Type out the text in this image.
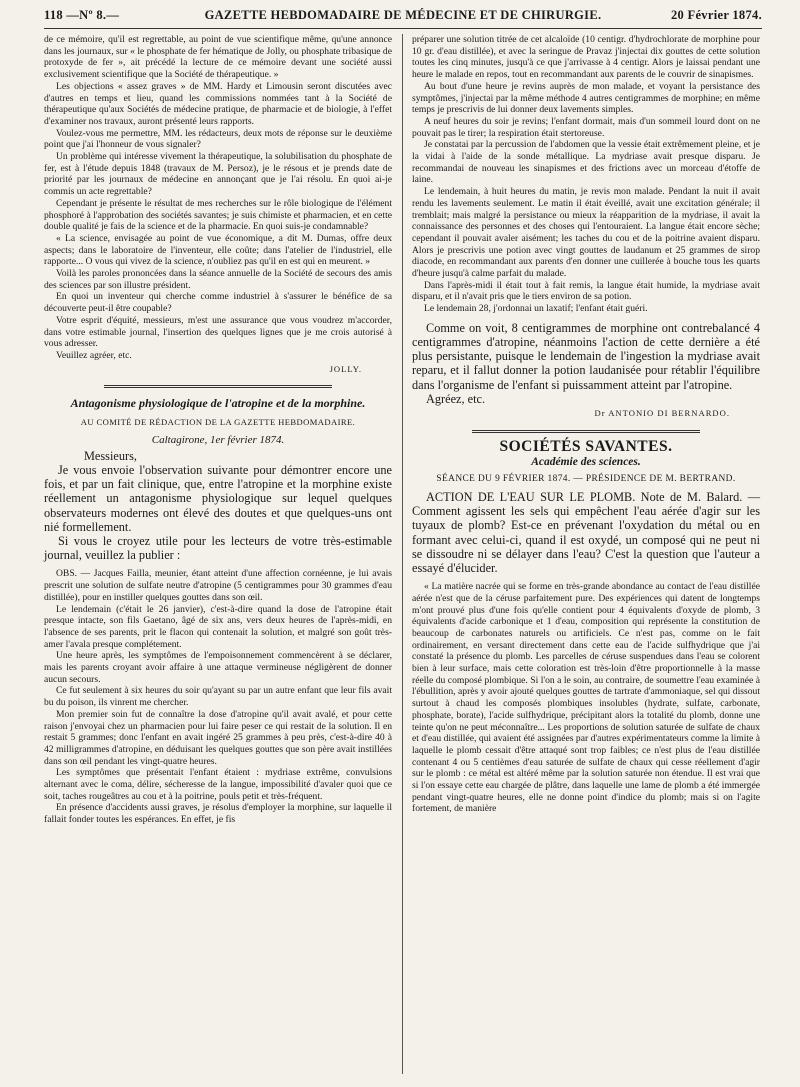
118 —Nº 8.—	GAZETTE HEBDOMADAIRE DE MÉDECINE ET DE CHIRURGIE.	20 Février 1874.

de ce mémoire, qu'il est regrettable, au point de vue scientifique même, qu'une annonce dans les journaux, sur « le phosphate de fer hématique de Jolly, ou phosphate tribasique de protoxyde de fer », ait précédé la lecture de ce mémoire devant une société aussi exclusivement scientifique que la Société de thérapeutique. »

Les objections « assez graves » de MM. Hardy et Limousin seront discutées avec d'autres en temps et lieu, quand les commissions nommées tant à la Société de thérapeutique qu'aux Sociétés de médecine pratique, de pharmacie et de biologie, à l'effet d'examiner nos travaux, auront présenté leurs rapports.

Voulez-vous me permettre, MM. les rédacteurs, deux mots de réponse sur le deuxième point que j'ai l'honneur de vous signaler?

Un problème qui intéresse vivement la thérapeutique, la solubilisation du phosphate de fer, est à l'étude depuis 1848 (travaux de M. Persoz), je le résous et je prends date de priorité par les journaux de médecine en annonçant que je l'ai résolu. En quoi ai-je commis un acte regrettable?

Cependant je présente le résultat de mes recherches sur le rôle biologique de l'élément phosphoré à l'approbation des sociétés savantes; je suis chimiste et pharmacien, et en cette double qualité je fais de la science et de la pharmacie. En quoi suis-je condamnable?

« La science, envisagée au point de vue économique, a dit M. Dumas, offre deux aspects; dans le laboratoire de l'inventeur, elle coûte; dans l'atelier de l'industriel, elle rapporte... O vous qui vivez de la science, n'oubliez pas qu'il en est qui en meurent. »

Voilà les paroles prononcées dans la séance annuelle de la Société de secours des amis des sciences par son illustre président.

En quoi un inventeur qui cherche comme industriel à s'assurer le bénéfice de sa découverte peut-il être coupable?

Votre esprit d'équité, messieurs, m'est une assurance que vous voudrez m'accorder, dans votre estimable journal, l'insertion des quelques lignes que je me crois autorisé à vous adresser.

Veuillez agréer, etc.

JOLLY.
Antagonisme physiologique de l'atropine et de la morphine.
AU COMITÉ DE RÉDACTION DE LA GAZETTE HEBDOMADAIRE.
Caltagirone, 1er février 1874.

Messieurs,

Je vous envoie l'observation suivante pour démontrer encore une fois, et par un fait clinique, que, entre l'atropine et la morphine existe réellement un antagonisme physiologique sur lequel quelques observateurs modernes ont élevé des doutes et que quelques-uns ont nié formellement.

Si vous le croyez utile pour les lecteurs de votre très-estimable journal, veuillez la publier :

OBS. — Jacques Failla, meunier, étant atteint d'une affection cornéenne, je lui avais prescrit une solution de sulfate neutre d'atropine (5 centigrammes pour 30 grammes d'eau distillée), pour en instiller quelques gouttes dans son œil.

Le lendemain (c'était le 26 janvier), c'est-à-dire quand la dose de l'atropine était presque intacte, son fils Gaetano, âgé de six ans, vers deux heures de l'après-midi, en l'absence de ses parents, prit le flacon qui contenait la solution, et malgré son goût très-amer l'avala presque complétement.

Une heure après, les symptômes de l'empoisonnement commencèrent à se déclarer, mais les parents croyant avoir affaire à une attaque vermineuse négligèrent de donner aucun secours.

Ce fut seulement à six heures du soir qu'ayant su par un autre enfant que leur fils avait bu du poison, ils vinrent me chercher.

Mon premier soin fut de connaître la dose d'atropine qu'il avait avalé, et pour cette raison j'envoyai chez un pharmacien pour lui faire peser ce qui restait de la solution. Il en restait 5 grammes; donc l'enfant en avait ingéré 25 grammes à peu près, c'est-à-dire 40 à 42 milligrammes d'atropine, en déduisant les quelques gouttes que son père avait instillées dans son œil pendant les vingt-quatre heures.

Les symptômes que présentait l'enfant étaient : mydriase extrême, convulsions alternant avec le coma, délire, sécheresse de la langue, impossibilité d'avaler quoi que ce soit, taches rougeâtres au cou et à la poitrine, pouls petit et très-fréquent.

En présence d'accidents aussi graves, je résolus d'employer la morphine, sur laquelle il fallait fonder toutes les espérances. En effet, je fis

préparer une solution titrée de cet alcaloïde (10 centigr. d'hydrochlorate de morphine pour 10 gr. d'eau distillée), et avec la seringue de Pravaz j'injectai dix gouttes de cette solution toutes les cinq minutes, jusqu'à ce que j'arrivasse à 4 centigr. Alors je laissai pendant une heure le malade en repos, tout en recommandant aux parents de le couvrir de sinapismes.

Au bout d'une heure je revins auprès de mon malade, et voyant la persistance des symptômes, j'injectai par la même méthode 4 autres centigrammes de morphine; en même temps je prescrivis de lui donner deux lavements simples.

A neuf heures du soir je revins; l'enfant dormait, mais d'un sommeil lourd dont on ne pouvait pas le tirer; la respiration était stertoreuse.

Je constatai par la percussion de l'abdomen que la vessie était extrêmement pleine, et je la vidai à l'aide de la sonde métallique. La mydriase avait presque disparu. Je recommandai de nouveau les sinapismes et des frictions avec un morceau d'étoffe de laine.

Le lendemain, à huit heures du matin, je revis mon malade. Pendant la nuit il avait rendu les lavements seulement. Le matin il était éveillé, avait une excitation générale; il tremblait; mais malgré la persistance ou mieux la réapparition de la mydriase, il avait la connaissance des personnes et des choses qui l'entouraient. La langue était encore sèche; cependant il pouvait avaler aisément; les taches du cou et de la poitrine avaient disparu. Alors je prescrivis une potion avec vingt gouttes de laudanum et 25 grammes de sirop diacode, en recommandant aux parents d'en donner une cuillerée à bouche tous les quarts d'heure jusqu'à calme parfait du malade.

Dans l'après-midi il était tout à fait remis, la langue était humide, la mydriase avait disparu, et il n'avait pris que le tiers environ de sa potion.

Le lendemain 28, j'ordonnai un laxatif; l'enfant était guéri.

Comme on voit, 8 centigrammes de morphine ont contrebalancé 4 centigrammes d'atropine, néanmoins l'action de cette dernière a été plus persistante, puisque le lendemain de l'ingestion la mydriase avait reparu, et il fallut donner la potion laudanisée pour rétablir l'équilibre dans l'organisme de l'enfant si puissamment atteint par l'atropine.

Agréez, etc.

Dr ANTONIO DI BERNARDO.
SOCIÉTÉS SAVANTES.
Académie des sciences.
SÉANCE DU 9 FÉVRIER 1874. — PRÉSIDENCE DE M. BERTRAND.

ACTION DE L'EAU SUR LE PLOMB. Note de M. Balard. — Comment agissent les sels qui empêchent l'eau aérée d'agir sur les tuyaux de plomb? Est-ce en prévenant l'oxydation du métal ou en formant avec celui-ci, quand il est oxydé, un composé qui ne peut ni se dissoudre ni se délayer dans l'eau? C'est la question que l'auteur a essayé d'élucider.

« La matière nacrée qui se forme en très-grande abondance au contact de l'eau distillée aérée n'est que de la céruse parfaitement pure. Des expériences qui datent de longtemps m'ont prouvé plus d'une fois qu'elle contient pour 4 équivalents d'oxyde de plomb, 3 équivalents d'acide carbonique et 1 d'eau, composition qui représente la constitution de beaucoup de carbonates naturels ou artificiels. Ce n'est pas, comme on le fait ordinairement, en versant directement dans cette eau de l'acide sulfhydrique que j'ai constaté la présence du plomb. Les parcelles de céruse suspendues dans l'eau se colorent bien à leur surface, mais cette coloration est très-loin d'être proportionnelle à la masse réelle du composé plombique. Si l'on a le soin, au contraire, de soumettre l'eau examinée à l'ébullition, après y avoir ajouté quelques gouttes de tartrate d'ammoniaque, sel qui dissout surtout à chaud les composés plombiques insolubles (hydrate, sulfate, carbonate, phosphate, borate), l'acide sulfhydrique, précipitant alors la totalité du plomb, donne une teinte qu'on ne peut méconnaître... Les proportions de solution saturée de sulfate de chaux et d'eau distillée, qui avaient été assignées par d'autres expérimentateurs comme la limite à laquelle le plomb cessait d'être attaqué sont trop faibles; ce n'est plus de l'eau distillée contenant 4 ou 5 centièmes d'eau saturée de sulfate de chaux qui cesse réellement d'agir sur le plomb : ce métal est altéré même par la solution saturée non étendue. Il est vrai que si l'on essaye cette eau chargée de plâtre, dans laquelle une lame de plomb a été immergée pendant vingt-quatre heures, elle ne donne point d'indice du plomb; mais si on l'agite fortement, de manière
